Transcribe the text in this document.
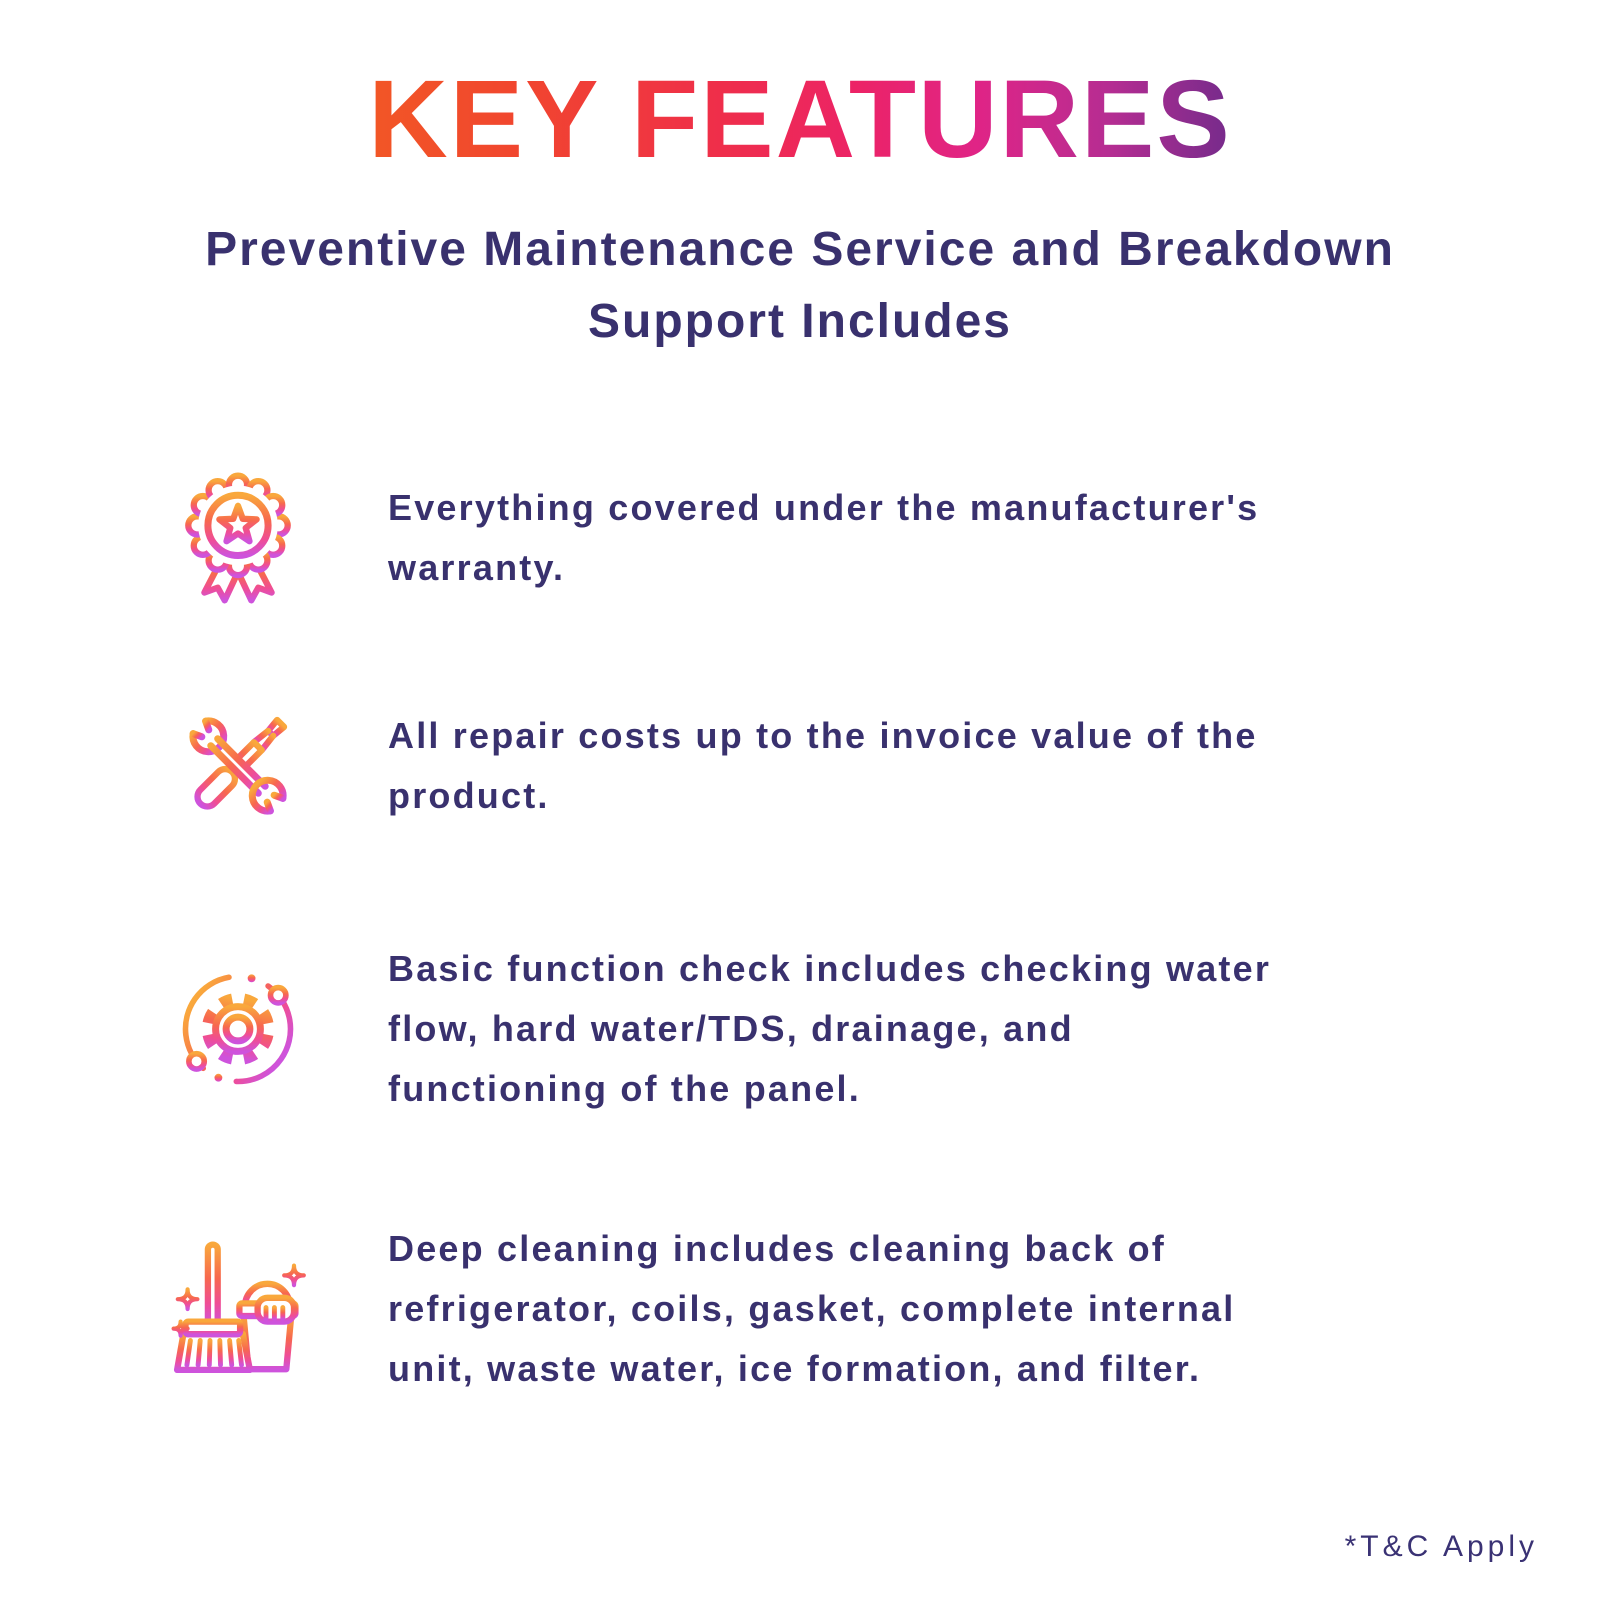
KEY FEATURES
Preventive Maintenance Service and Breakdown
Support Includes

Everything covered under the manufacturer's
warranty.

All repair costs up to the invoice value of the
product.

Basic function check includes checking water
flow, hard water/TDS, drainage, and
functioning of the panel.

Deep cleaning includes cleaning back of
refrigerator, coils, gasket, complete internal
unit, waste water, ice formation, and filter.

*T&C Apply
